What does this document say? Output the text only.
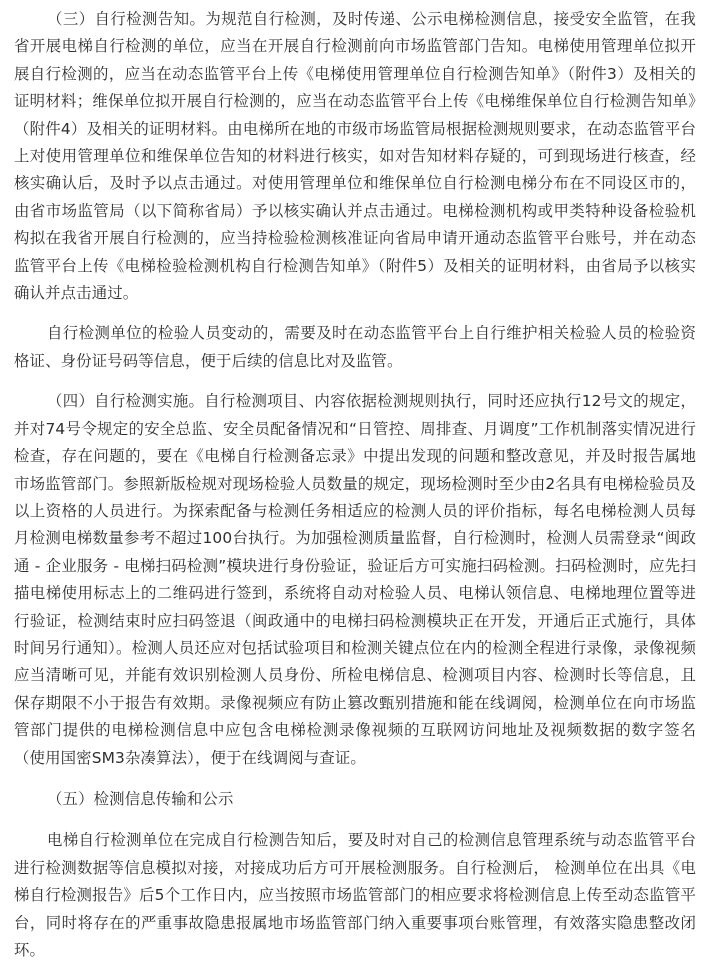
（三）自行检测告知。为规范自行检测，及时传递、公示电梯检测信息，接受安全监管，在我省开展电梯自行检测的单位，应当在开展自行检测前向市场监管部门告知。电梯使用管理单位拟开展自行检测的，应当在动态监管平台上传《电梯使用管理单位自行检测告知单》（附件3）及相关的证明材料；维保单位拟开展自行检测的，应当在动态监管平台上传《电梯维保单位自行检测告知单》（附件4）及相关的证明材料。由电梯所在地的市级市场监管局根据检测规则要求，在动态监管平台上对使用管理单位和维保单位告知的材料进行核实，如对告知材料存疑的，可到现场进行核查，经核实确认后，及时予以点击通过。对使用管理单位和维保单位自行检测电梯分布在不同设区市的，由省市场监管局（以下简称省局）予以核实确认并点击通过。电梯检测机构或甲类特种设备检验机构拟在我省开展自行检测的，应当持检验检测核准证向省局申请开通动态监管平台账号，并在动态监管平台上传《电梯检验检测机构自行检测告知单》（附件5）及相关的证明材料，由省局予以核实确认并点击通过。

自行检测单位的检验人员变动的，需要及时在动态监管平台上自行维护相关检验人员的检验资格证、身份证号码等信息，便于后续的信息比对及监管。

（四）自行检测实施。自行检测项目、内容依据检测规则执行，同时还应执行12号文的规定，并对74号令规定的安全总监、安全员配备情况和“日管控、周排查、月调度”工作机制落实情况进行检查，存在问题的，要在《电梯自行检测备忘录》中提出发现的问题和整改意见，并及时报告属地市场监管部门。参照新版检规对现场检验人员数量的规定，现场检测时至少由2名具有电梯检验员及以上资格的人员进行。为探索配备与检测任务相适应的检测人员的评价指标，每名电梯检测人员每月检测电梯数量参考不超过100台执行。为加强检测质量监督，自行检测时，检测人员需登录“闽政通 - 企业服务 - 电梯扫码检测”模块进行身份验证，验证后方可实施扫码检测。扫码检测时，应先扫描电梯使用标志上的二维码进行签到，系统将自动对检验人员、电梯认领信息、电梯地理位置等进行验证，检测结束时应扫码签退（闽政通中的电梯扫码检测模块正在开发，开通后正式施行，具体时间另行通知）。检测人员还应对包括试验项目和检测关键点位在内的检测全程进行录像，录像视频应当清晰可见，并能有效识别检测人员身份、所检电梯信息、检测项目内容、检测时长等信息，且保存期限不小于报告有效期。录像视频应有防止篡改甄别措施和能在线调阅，检测单位在向市场监管部门提供的电梯检测信息中应包含电梯检测录像视频的互联网访问地址及视频数据的数字签名（使用国密SM3杂凑算法），便于在线调阅与查证。

（五）检测信息传输和公示

电梯自行检测单位在完成自行检测告知后，要及时对自己的检测信息管理系统与动态监管平台进行检测数据等信息模拟对接，对接成功后方可开展检测服务。自行检测后， 检测单位在出具《电梯自行检测报告》后5个工作日内，应当按照市场监管部门的相应要求将检测信息上传至动态监管平台，同时将存在的严重事故隐患报属地市场监管部门纳入重要事项台账管理，有效落实隐患整改闭环。
